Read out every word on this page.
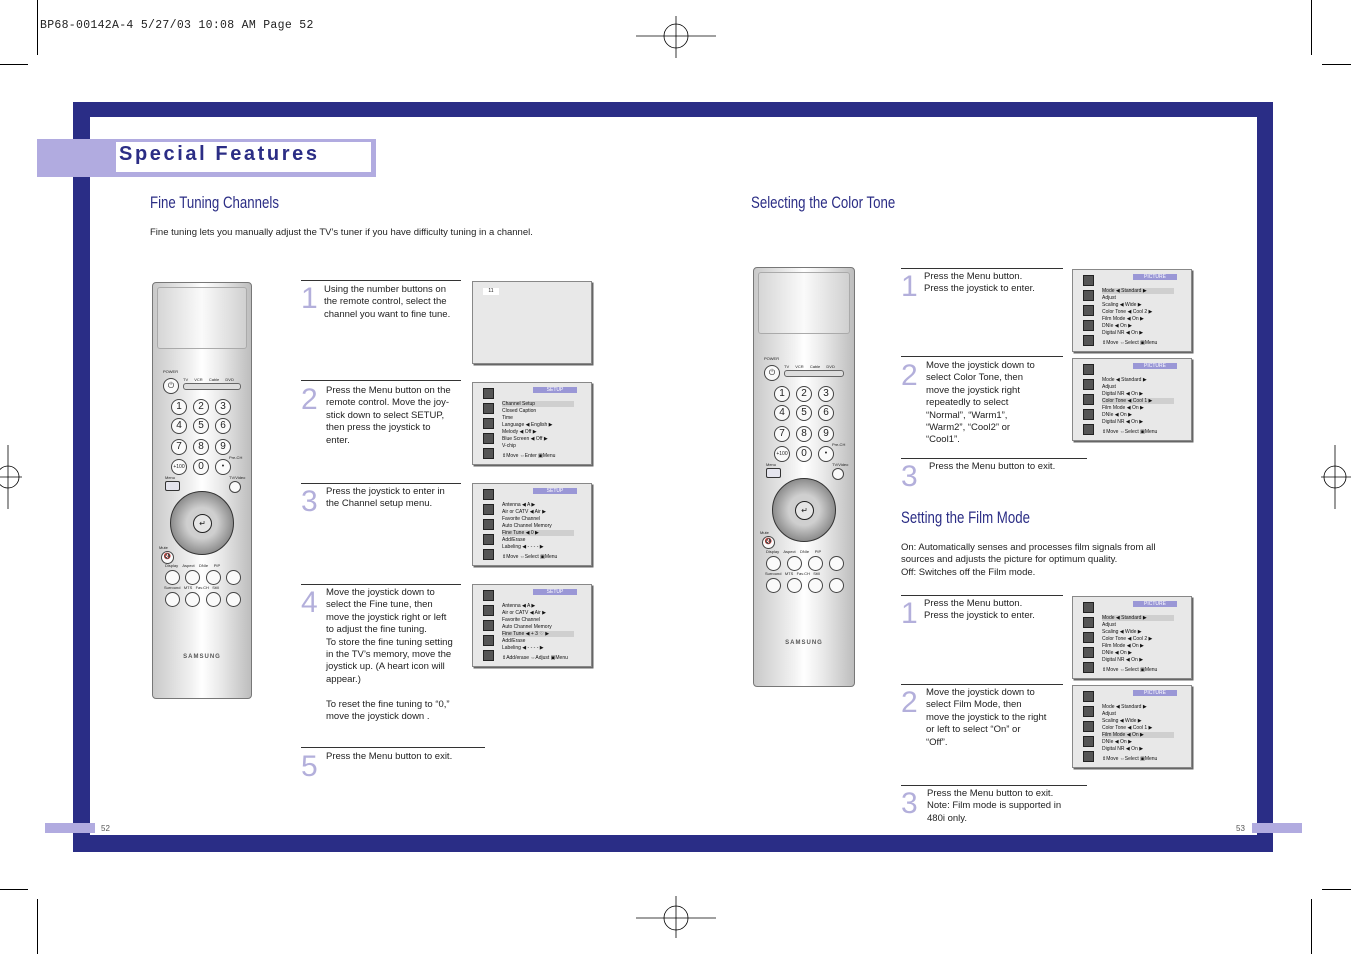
BP68-00142A-4 5/27/03 10:08 AM Page 52
Special Features
Fine Tuning Channels
Fine tuning lets you manually adjust the TV’s tuner if you have difficulty tuning in a channel.
POWER
⏻
TV VCR Cable DVD
1	2	3
4	5	6
7	8	9
+100	0	•
Pre-CH
Menu	TV/Video
↵
Mute
🔇
Display Aspect DNIe PIP
Surround MTS Fav.CH Still
SAMSUNG
1 Using the number buttons on

the remote control, select the

channel you want to fine tune.

11
2 Press the Menu button on the

remote control. Move the joy-

stick down to select SETUP,

then press the joystick to

enter.

SETUP
Channel Setup
Closed Caption
Time
Language ◀ English ▶
Melody ◀ Off ▶
Blue Screen ◀ Off ▶
V-chip
⇕Move ⇔Enter ▣Menu
3 Press the joystick to enter in

the Channel setup menu.

SETUP
Antenna ◀ A ▶
Air or CATV ◀ Air ▶
Favorite Channel
Auto Channel Memory
Fine Tune ◀ 0 ▶
Add/Erase
Labeling ◀ - - - - ▶
⇕Move ⇔Select ▣Menu
4 Move the joystick down to

select the Fine tune, then

move the joystick right or left

to adjust the fine tuning.

To store the fine tuning setting

in the TV’s memory, move the

joystick up. (A heart icon will

appear.)

To reset the fine tuning to “0,”

move the joystick down .

SETUP
Antenna ◀ A ▶
Air or CATV ◀ Air ▶
Favorite Channel
Auto Channel Memory
Fine Tune ◀ + 3 ♡ ▶
Add/Erase
Labeling ◀ - - - - ▶
⇕Add/erase ⇔Adjust ▣Menu
5 Press the Menu button to exit.

Selecting the Color Tone
POWER
⏻
TV VCR Cable DVD
1	2	3
4	5	6
7	8	9
+100	0	•
Pre-CH
Menu	TV/Video
↵
Mute
🔇
Display Aspect DNIe PIP
Surround MTS Fav.CH Still
SAMSUNG
1 Press the Menu button.

Press the joystick to enter.

PICTURE
Mode ◀ Standard ▶
Adjust
Scaling ◀ Wide ▶
Color Tone ◀ Cool 2 ▶
Film Mode ◀ On ▶
DNIe ◀ On ▶
Digital NR ◀ On ▶
⇕Move ⇔Select ▣Menu
2 Move the joystick down to

select Color Tone, then

move the joystick right

repeatedly to select

“Normal”, “Warm1”,

“Warm2”, “Cool2” or

“Cool1”.

PICTURE
Mode ◀ Standard ▶
Adjust
Digital NR ◀ On ▶
Color Tone ◀ Cool 1 ▶
Film Mode ◀ On ▶
DNIe ◀ On ▶
Digital NR ◀ On ▶
⇕Move ⇔Select ▣Menu
3 Press the Menu button to exit.

Setting the Film Mode

On: Automatically senses and processes film signals from all

sources and adjusts the picture for optimum quality.

Off: Switches off the Film mode.

1 Press the Menu button.

Press the joystick to enter.

PICTURE
Mode ◀ Standard ▶
Adjust
Scaling ◀ Wide ▶
Color Tone ◀ Cool 2 ▶
Film Mode ◀ On ▶
DNIe ◀ On ▶
Digital NR ◀ On ▶
⇕Move ⇔Select ▣Menu
2 Move the joystick down to

select Film Mode, then

move the joystick to the right

or left to select “On” or

“Off”.

PICTURE
Mode ◀ Standard ▶
Adjust
Scaling ◀ Wide ▶
Color Tone ◀ Cool 1 ▶
Film Mode ◀ On ▶
DNIe ◀ On ▶
Digital NR ◀ On ▶
⇕Move ⇔Select ▣Menu
3 Press the Menu button to exit.

Note: Film mode is supported in

480i only.

52	53
